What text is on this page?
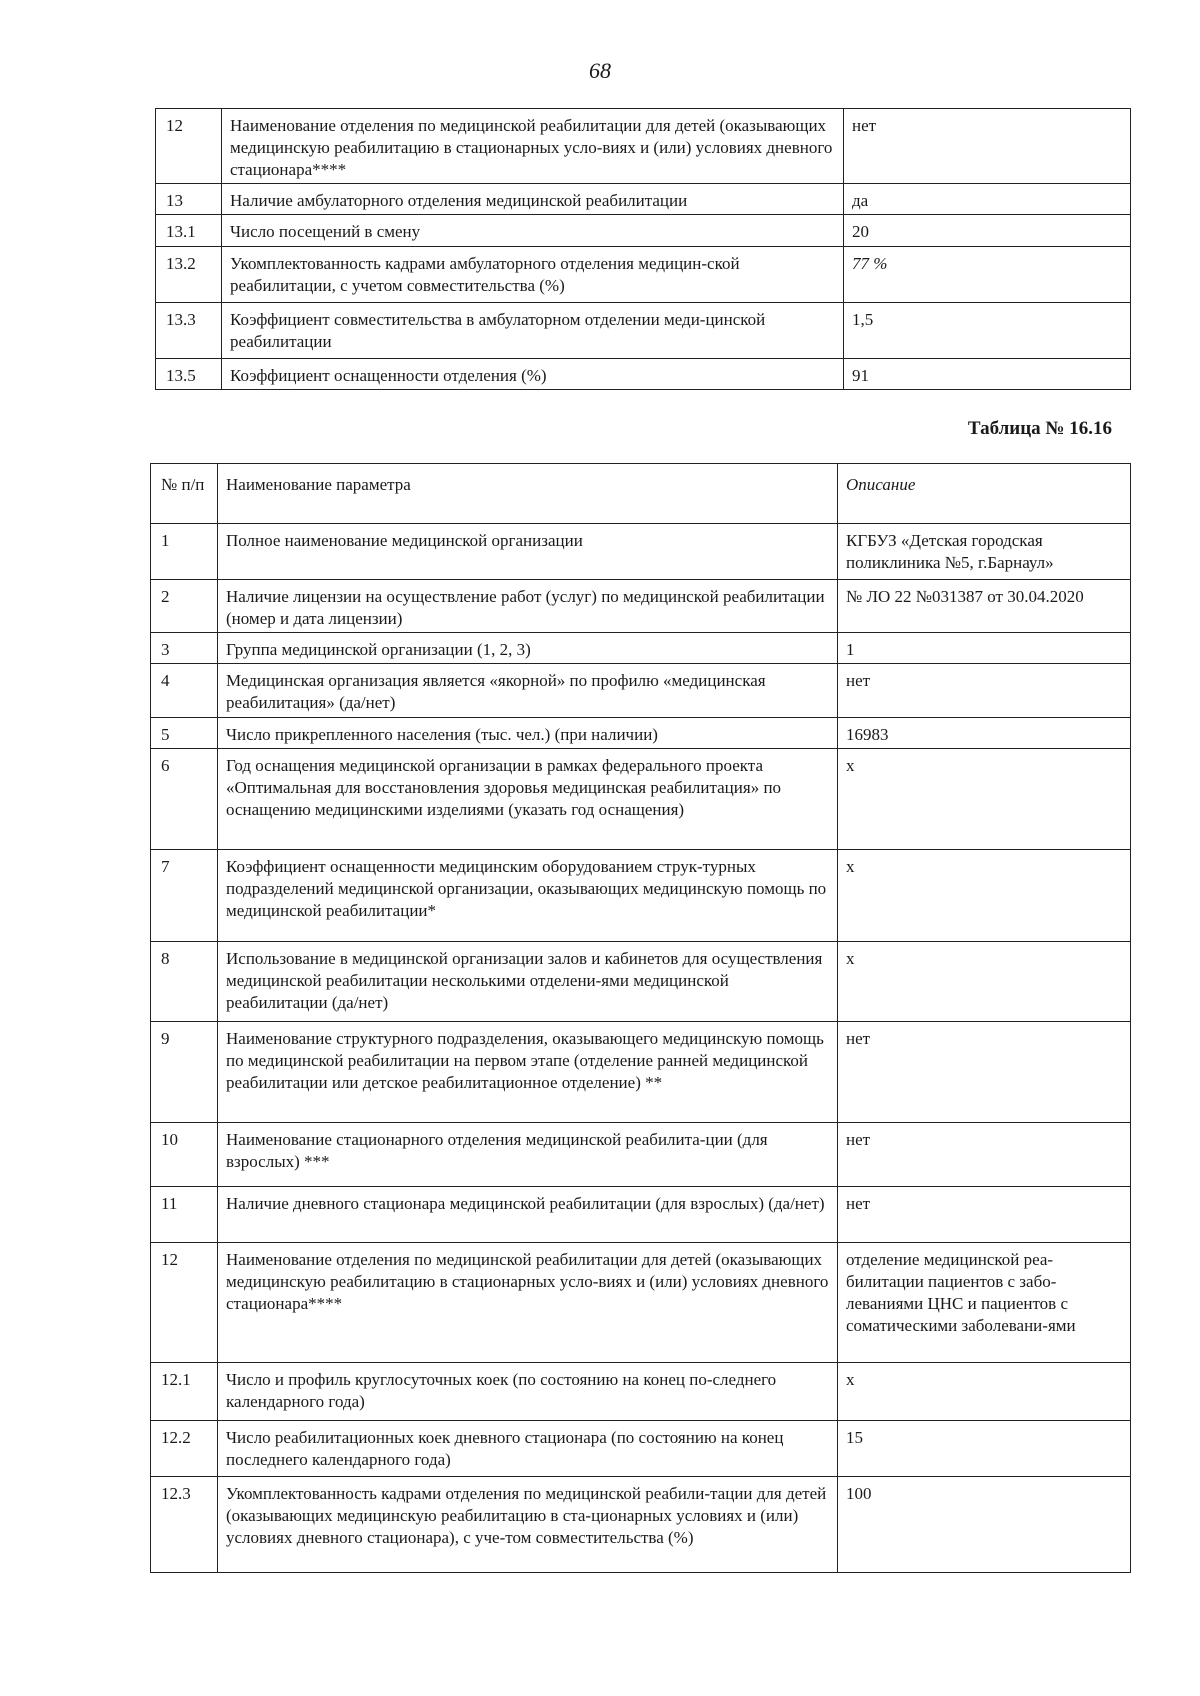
68
12	Наименование отделения по медицинской реабилитации для детей (оказывающих медицинскую реабилитацию в стационарных усло-виях и (или) условиях дневного стационара****	нет
13	Наличие амбулаторного отделения медицинской реабилитации	да
13.1	Число посещений в смену	20
13.2	Укомплектованность кадрами амбулаторного отделения медицин-ской реабилитации, с учетом совместительства (%)	77 %
13.3	Коэффициент совместительства в амбулаторном отделении меди-цинской реабилитации	1,5
13.5	Коэффициент оснащенности отделения (%)	91
Таблица № 16.16
№ п/п	Наименование параметра	Описание
1	Полное наименование медицинской организации	КГБУЗ «Детская городская поликлиника №5, г.Барнаул»
2	Наличие лицензии на осуществление работ (услуг) по медицинской реабилитации (номер и дата лицензии)	№ ЛО 22 №031387 от 30.04.2020
3	Группа медицинской организации (1, 2, 3)	1
4	Медицинская организация является «якорной» по профилю «медицинская реабилитация» (да/нет)	нет
5	Число прикрепленного населения (тыс. чел.) (при наличии)	16983
6	Год оснащения медицинской организации в рамках федерального проекта «Оптимальная для восстановления здоровья медицинская реабилитация» по оснащению медицинскими изделиями (указать год оснащения)	x
7	Коэффициент оснащенности медицинским оборудованием струк-турных подразделений медицинской организации, оказывающих медицинскую помощь по медицинской реабилитации*	x
8	Использование в медицинской организации залов и кабинетов для осуществления медицинской реабилитации несколькими отделени-ями медицинской реабилитации (да/нет)	x
9	Наименование структурного подразделения, оказывающего медицинскую помощь по медицинской реабилитации на первом этапе (отделение ранней медицинской реабилитации или детское реабилитационное отделение) **	нет
10	Наименование стационарного отделения медицинской реабилита-ции (для взрослых) ***	нет
11	Наличие дневного стационара медицинской реабилитации (для взрослых) (да/нет)	нет
12	Наименование отделения по медицинской реабилитации для детей (оказывающих медицинскую реабилитацию в стационарных усло-виях и (или) условиях дневного стационара****	отделение медицинской реа-билитации пациентов с забо-леваниями ЦНС и пациентов с соматическими заболевани-ями
12.1	Число и профиль круглосуточных коек (по состоянию на конец по-следнего календарного года)	x
12.2	Число реабилитационных коек дневного стационара (по состоянию на конец последнего календарного года)	15
12.3	Укомплектованность кадрами отделения по медицинской реабили-тации для детей (оказывающих медицинскую реабилитацию в ста-ционарных условиях и (или) условиях дневного стационара), с уче-том совместительства (%)	100
